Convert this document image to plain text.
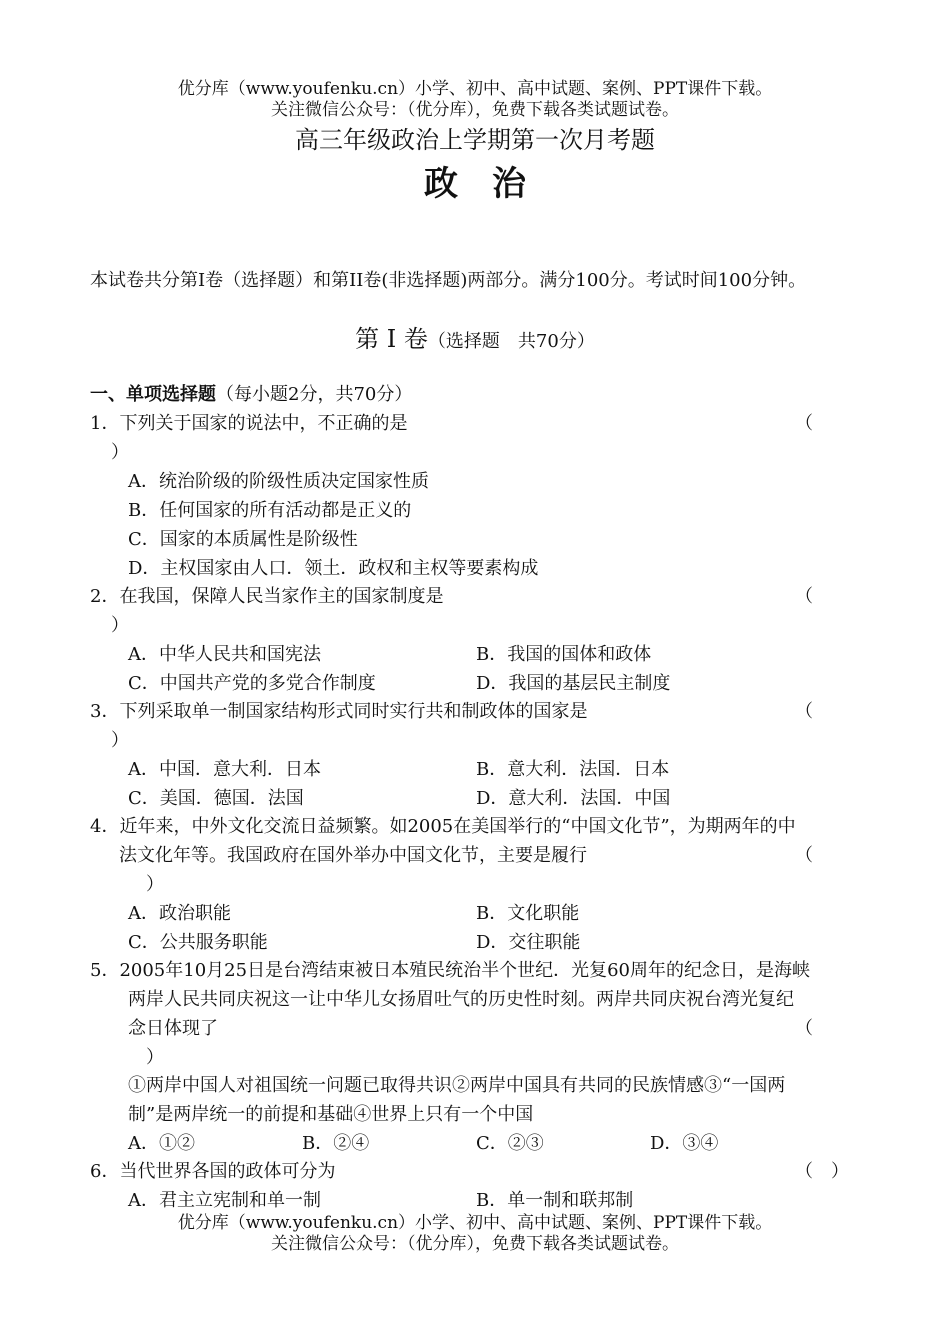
优分库（www.youfenku.cn）小学、初中、高中试题、案例、PPT课件下载。
关注微信公众号：（优分库），免费下载各类试题试卷。
高三年级政治上学期第一次月考题
政治
本试卷共分第I卷（选择题）和第II卷(非选择题)两部分。满分100分。考试时间100分钟。
第 I 卷（选择题　共70分）
一、单项选择题（每小题2分，共70分）
1．下列关于国家的说法中，不正确的是	（
）
A．统治阶级的阶级性质决定国家性质
B．任何国家的所有活动都是正义的
C．国家的本质属性是阶级性
D．主权国家由人口．领土．政权和主权等要素构成
2．在我国，保障人民当家作主的国家制度是	（
）
A．中华人民共和国宪法	B．我国的国体和政体
C．中国共产党的多党合作制度	D．我国的基层民主制度
3．下列采取单一制国家结构形式同时实行共和制政体的国家是	（
）
A．中国．意大利．日本	B．意大利．法国．日本
C．美国．德国．法国	D．意大利．法国．中国
4．近年来，中外文化交流日益频繁。如2005在美国举行的“中国文化节”，为期两年的中
法文化年等。我国政府在国外举办中国文化节，主要是履行	（
）
A．政治职能	B．文化职能
C．公共服务职能	D．交往职能
5．2005年10月25日是台湾结束被日本殖民统治半个世纪．光复60周年的纪念日，是海峡
两岸人民共同庆祝这一让中华儿女扬眉吐气的历史性时刻。两岸共同庆祝台湾光复纪
念日体现了	（
）
①两岸中国人对祖国统一问题已取得共识②两岸中国具有共同的民族情感③“一国两
制”是两岸统一的前提和基础④世界上只有一个中国
A．①②	B．②④	C．②③	D．③④
6．当代世界各国的政体可分为	（　）
A．君主立宪制和单一制	B．单一制和联邦制
优分库（www.youfenku.cn）小学、初中、高中试题、案例、PPT课件下载。
关注微信公众号：（优分库），免费下载各类试题试卷。
